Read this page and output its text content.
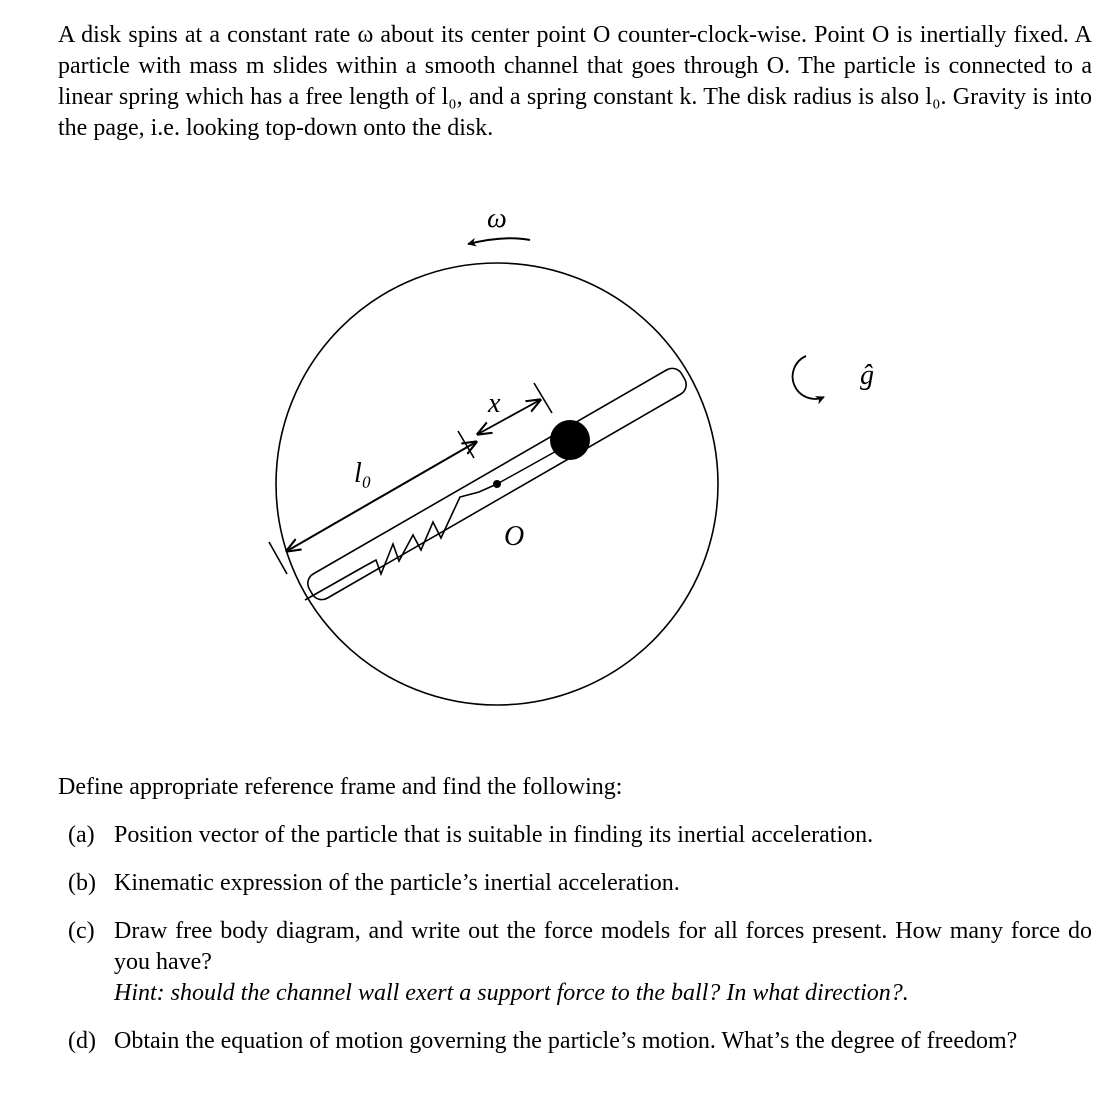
A disk spins at a constant rate ω about its center point O counter-clock-wise. Point O is inertially fixed. A particle with mass m slides within a smooth channel that goes through O. The particle is connected to a linear spring which has a free length of l₀, and a spring constant k. The disk radius is also l₀. Gravity is into the page, i.e. looking top-down onto the disk.
ω
x
l₀
O
ĝ
Define appropriate reference frame and find the following:
(a) Position vector of the particle that is suitable in finding its inertial acceleration.
(b) Kinematic expression of the particle’s inertial acceleration.
(c) Draw free body diagram, and write out the force models for all forces present. How many force do you have?
Hint: should the channel wall exert a support force to the ball? In what direction?.
(d) Obtain the equation of motion governing the particle’s motion. What’s the degree of freedom?
